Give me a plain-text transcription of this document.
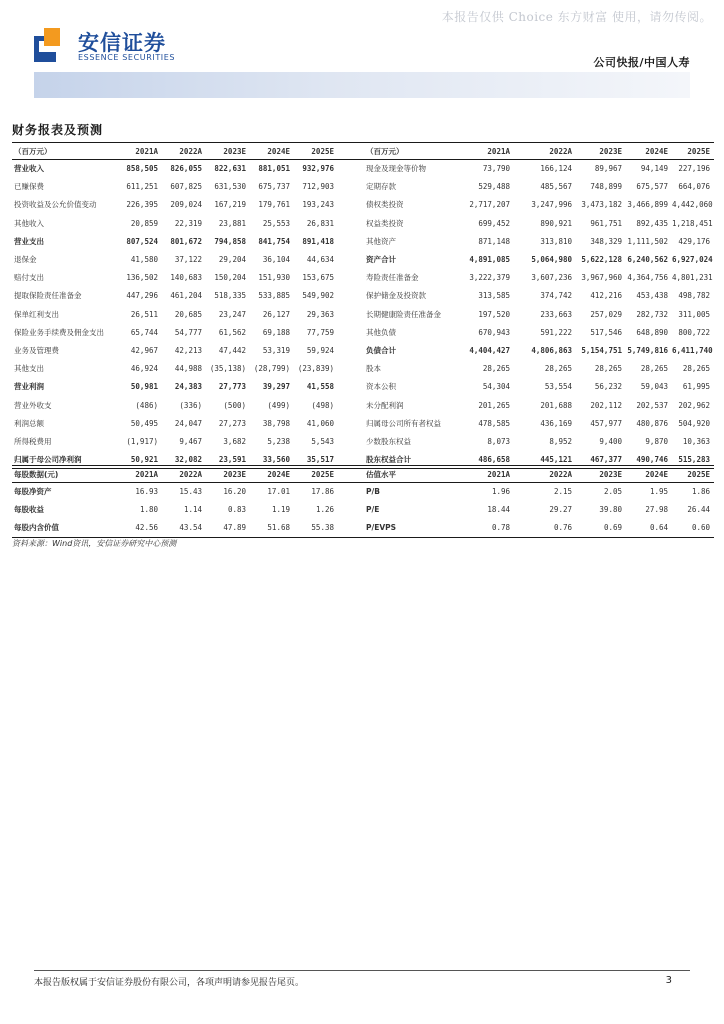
本报告仅供 Choice 东方财富 使用，请勿传阅。
安信证券
ESSENCE SECURITIES	公司快报/中国人寿
财务报表及预测
（百万元）	2021A	2022A	2023E	2024E	2025E		（百万元）	2021A	2022A	2023E	2024E	2025E
营业收入	858,505	826,055	822,631	881,051	932,976		现金及现金等价物	73,790	166,124	89,967	94,149	227,196
已赚保费	611,251	607,825	631,530	675,737	712,903		定期存款	529,488	485,567	748,899	675,577	664,076
投资收益及公允价值变动	226,395	209,024	167,219	179,761	193,243		债权类投资	2,717,207	3,247,996	3,473,182	3,466,899	4,442,060
其他收入	20,859	22,319	23,881	25,553	26,831		权益类投资	699,452	890,921	961,751	892,435	1,218,451
营业支出	807,524	801,672	794,858	841,754	891,418		其他资产	871,148	313,810	348,329	1,111,502	429,176
退保金	41,580	37,122	29,204	36,104	44,634		资产合计	4,891,085	5,064,980	5,622,128	6,240,562	6,927,024
赔付支出	136,502	140,683	150,204	151,930	153,675		寿险责任准备金	3,222,379	3,607,236	3,967,960	4,364,756	4,801,231
提取保险责任准备金	447,296	461,204	518,335	533,885	549,902		保护储金及投资款	313,585	374,742	412,216	453,438	498,782
保单红利支出	26,511	20,685	23,247	26,127	29,363		长期健康险责任准备金	197,520	233,663	257,029	282,732	311,005
保险业务手续费及佣金支出	65,744	54,777	61,562	69,188	77,759		其他负债	670,943	591,222	517,546	648,890	800,722
业务及管理费	42,967	42,213	47,442	53,319	59,924		负债合计	4,404,427	4,806,863	5,154,751	5,749,816	6,411,740
其他支出	46,924	44,988	(35,138)	(28,799)	(23,839)		股本	28,265	28,265	28,265	28,265	28,265
营业利润	50,981	24,383	27,773	39,297	41,558		资本公积	54,304	53,554	56,232	59,043	61,995
营业外收支	(486)	(336)	(500)	(499)	(498)		未分配利润	201,265	201,688	202,112	202,537	202,962
利润总额	50,495	24,047	27,273	38,798	41,060		归属母公司所有者权益	478,585	436,169	457,977	480,876	504,920
所得税费用	(1,917)	9,467	3,682	5,238	5,543		少数股东权益	8,073	8,952	9,400	9,870	10,363
归属于母公司净利润	50,921	32,082	23,591	33,560	35,517		股东权益合计	486,658	445,121	467,377	490,746	515,283
每股数据(元)	2021A	2022A	2023E	2024E	2025E		估值水平	2021A	2022A	2023E	2024E	2025E
每股净资产	16.93	15.43	16.20	17.01	17.86		P/B	1.96	2.15	2.05	1.95	1.86
每股收益	1.80	1.14	0.83	1.19	1.26		P/E	18.44	29.27	39.80	27.98	26.44
每股内含价值	42.56	43.54	47.89	51.68	55.38		P/EVPS	0.78	0.76	0.69	0.64	0.60
资料来源：Wind资讯，安信证券研究中心预测
本报告版权属于安信证券股份有限公司，各项声明请参见报告尾页。	3
